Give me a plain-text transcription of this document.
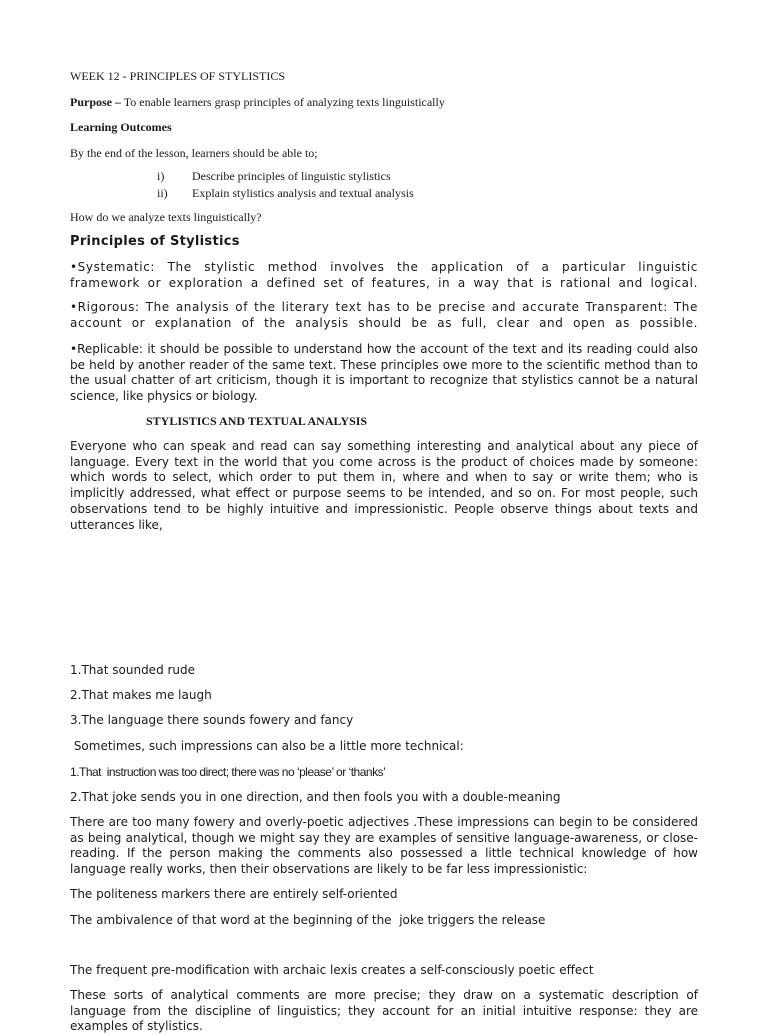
WEEK 12 - PRINCIPLES OF STYLISTICS
Purpose – To enable learners grasp principles of analyzing texts linguistically
Learning Outcomes
By the end of the lesson, learners should be able to;
i) Describe principles of linguistic stylistics
ii) Explain stylistics analysis and textual analysis
How do we analyze texts linguistically?
Principles of Stylistics
•Systematic: The stylistic method involves the application of a particular linguistic framework or exploration a defined set of features, in a way that is rational and logical.
•Rigorous: The analysis of the literary text has to be precise and accurate Transparent: The account or explanation of the analysis should be as full, clear and open as possible.
•Replicable: it should be possible to understand how the account of the text and its reading could also be held by another reader of the same text. These principles owe more to the scientific method than to the usual chatter of art criticism, though it is important to recognize that stylistics cannot be a natural science, like physics or biology.
STYLISTICS AND TEXTUAL ANALYSIS
Everyone who can speak and read can say something interesting and analytical about any piece of language. Every text in the world that you come across is the product of choices made by someone: which words to select, which order to put them in, where and when to say or write them; who is implicitly addressed, what effect or purpose seems to be intended, and so on. For most people, such observations tend to be highly intuitive and impressionistic. People observe things about texts and utterances like,
1.That sounded rude
2.That makes me laugh
3.The language there sounds fowery and fancy
Sometimes, such impressions can also be a little more technical:
1.That  instruction was too direct; there was no ‘please’ or ‘thanks’
2.That joke sends you in one direction, and then fools you with a double-meaning
There are too many fowery and overly-poetic adjectives .These impressions can begin to be considered as being analytical, though we might say they are examples of sensitive language-awareness, or close-reading. If the person making the comments also possessed a little technical knowledge of how language really works, then their observations are likely to be far less impressionistic:
The politeness markers there are entirely self-oriented
The ambivalence of that word at the beginning of the  joke triggers the release
The frequent pre-modification with archaic lexis creates a self-consciously poetic effect
These sorts of analytical comments are more precise; they draw on a systematic description of language from the discipline of linguistics; they account for an initial intuitive response: they are examples of stylistics.
